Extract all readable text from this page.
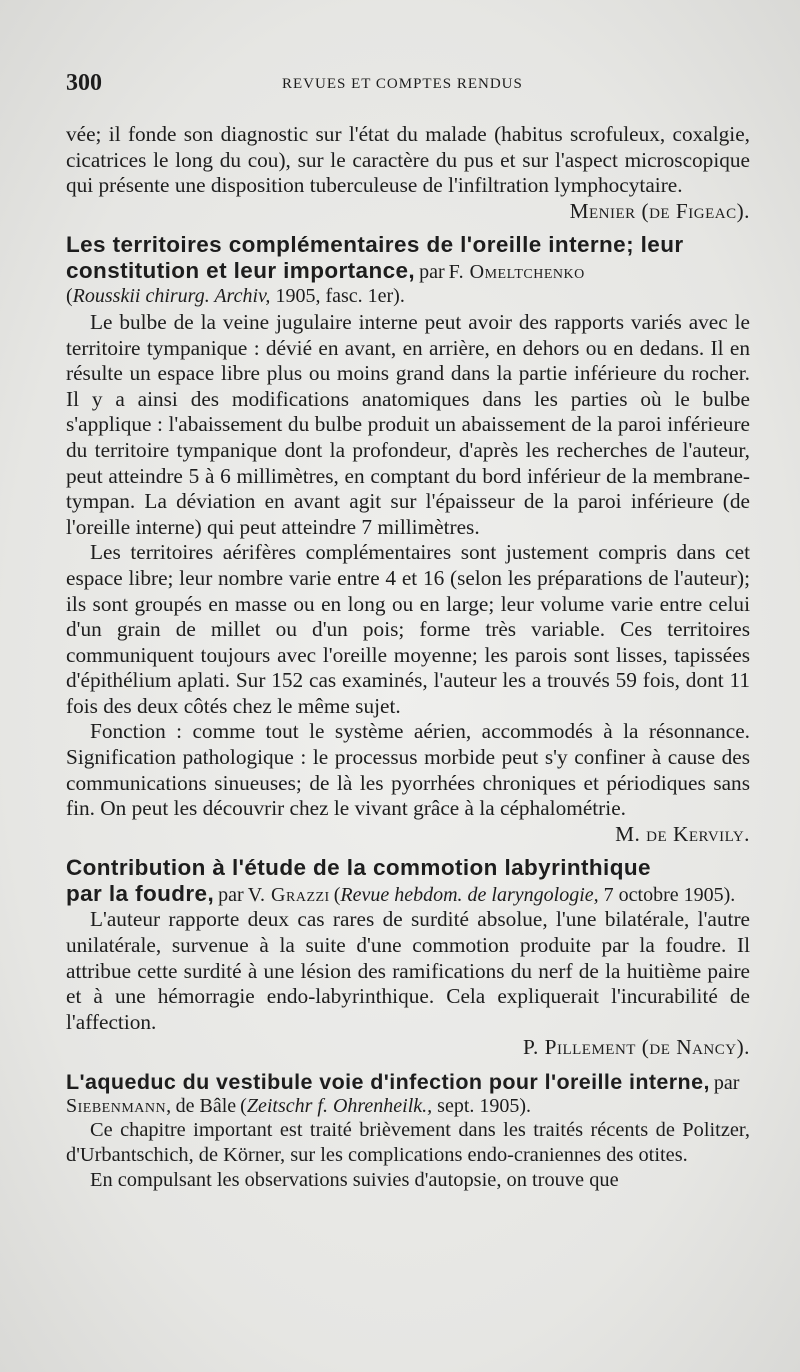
300	REVUES ET COMPTES RENDUS

vée; il fonde son diagnostic sur l'état du malade (habitus scrofuleux, coxalgie, cicatrices le long du cou), sur le caractère du pus et sur l'aspect microscopique qui présente une disposition tuberculeuse de l'infiltration lymphocytaire.
Menier (de Figeac).

Les territoires complémentaires de l'oreille interne; leur constitution et leur importance, par F. Omeltchenko
(Rousskii chirurg. Archiv, 1905, fasc. 1er).

Le bulbe de la veine jugulaire interne peut avoir des rapports variés avec le territoire tympanique : dévié en avant, en arrière, en dehors ou en dedans. Il en résulte un espace libre plus ou moins grand dans la partie inférieure du rocher. Il y a ainsi des modifications anatomiques dans les parties où le bulbe s'applique : l'abaissement du bulbe produit un abaissement de la paroi inférieure du territoire tympanique dont la profondeur, d'après les recherches de l'auteur, peut atteindre 5 à 6 millimètres, en comptant du bord inférieur de la membrane-tympan. La déviation en avant agit sur l'épaisseur de la paroi inférieure (de l'oreille interne) qui peut atteindre 7 millimètres.

Les territoires aérifères complémentaires sont justement compris dans cet espace libre; leur nombre varie entre 4 et 16 (selon les préparations de l'auteur); ils sont groupés en masse ou en long ou en large; leur volume varie entre celui d'un grain de millet ou d'un pois; forme très variable. Ces territoires communiquent toujours avec l'oreille moyenne; les parois sont lisses, tapissées d'épithélium aplati. Sur 152 cas examinés, l'auteur les a trouvés 59 fois, dont 11 fois des deux côtés chez le même sujet.

Fonction : comme tout le système aérien, accommodés à la résonnance. Signification pathologique : le processus morbide peut s'y confiner à cause des communications sinueuses; de là les pyorrhées chroniques et périodiques sans fin. On peut les découvrir chez le vivant grâce à la céphalométrie.
M. de Kervily.

Contribution à l'étude de la commotion labyrinthique
par la foudre, par V. Grazzi (Revue hebdom. de laryngologie, 7 octobre 1905).

L'auteur rapporte deux cas rares de surdité absolue, l'une bilatérale, l'autre unilatérale, survenue à la suite d'une commotion produite par la foudre. Il attribue cette surdité à une lésion des ramifications du nerf de la huitième paire et à une hémorragie endo-labyrinthique. Cela expliquerait l'incurabilité de l'affection.
P. Pillement (de Nancy).

L'aqueduc du vestibule voie d'infection pour l'oreille interne, par Siebenmann, de Bâle (Zeitschr f. Ohrenheilk., sept. 1905).

Ce chapitre important est traité brièvement dans les traités récents de Politzer, d'Urbantschich, de Körner, sur les complications endo-craniennes des otites.

En compulsant les observations suivies d'autopsie, on trouve que
